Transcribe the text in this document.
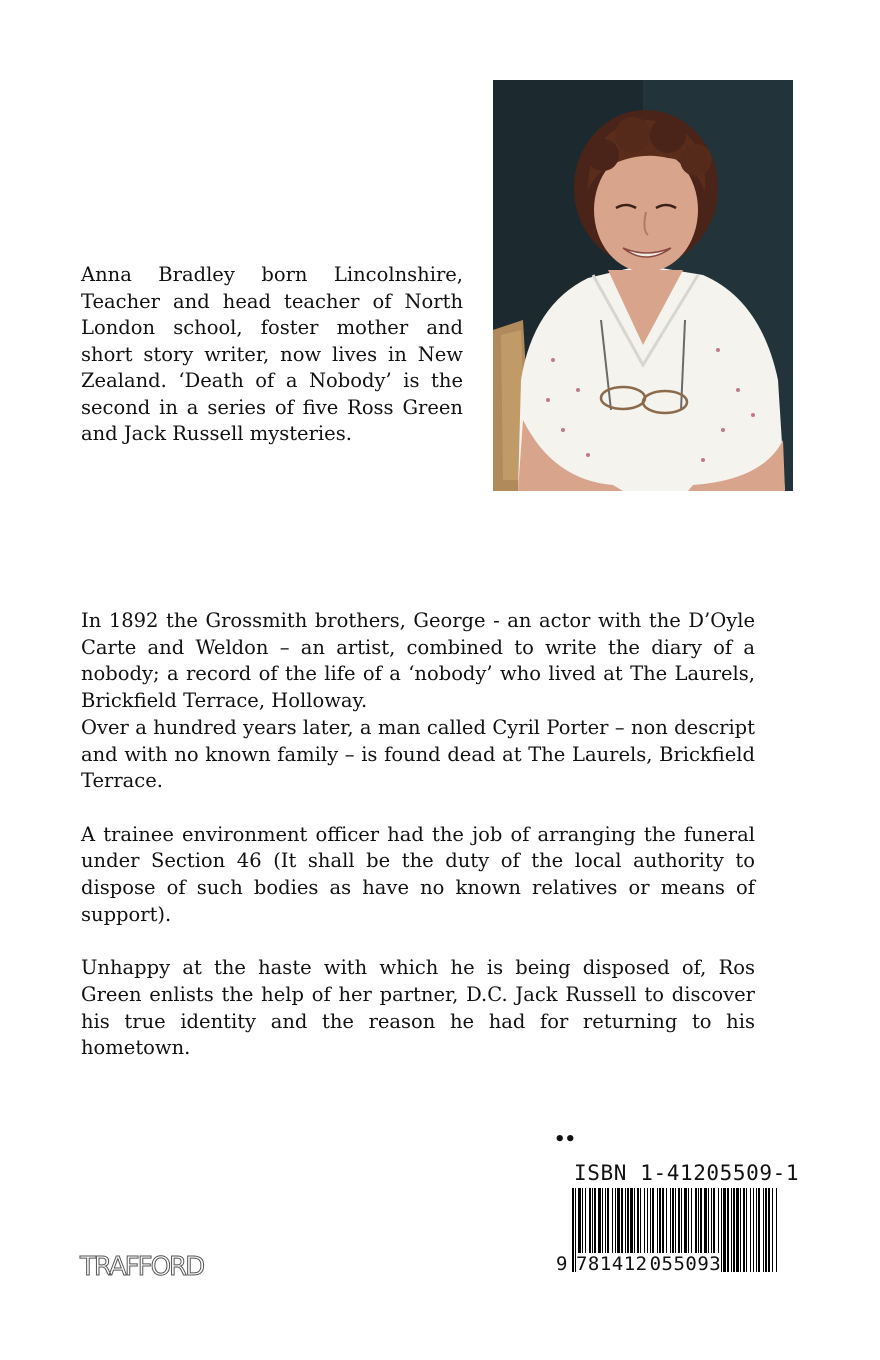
Anna Bradley born Lincolnshire, Teacher and head teacher of North London school, foster mother and short story writer, now lives in New Zealand. ‘Death of a Nobody’ is the second in a series of five Ross Green and Jack Russell mysteries.

In 1892 the Grossmith brothers, George - an actor with the D’Oyle Carte and Weldon – an artist, combined to write the diary of a nobody; a record of the life of a ‘nobody’ who lived at The Laurels, Brickfield Terrace, Holloway.

Over a hundred years later, a man called Cyril Porter – non descript and with no known family – is found dead at The Laurels, Brickfield Terrace.

A trainee environment officer had the job of arranging the funeral under Section 46 (It shall be the duty of the local authority to dispose of such bodies as have no known relatives or means of support).

Unhappy at the haste with which he is being disposed of, Ros Green enlists the help of her partner, D.C. Jack Russell to discover his true identity and the reason he had for returning to his hometown.

••
ISBN 1-41205509-1
9 781412 055093
TRAFFORD
